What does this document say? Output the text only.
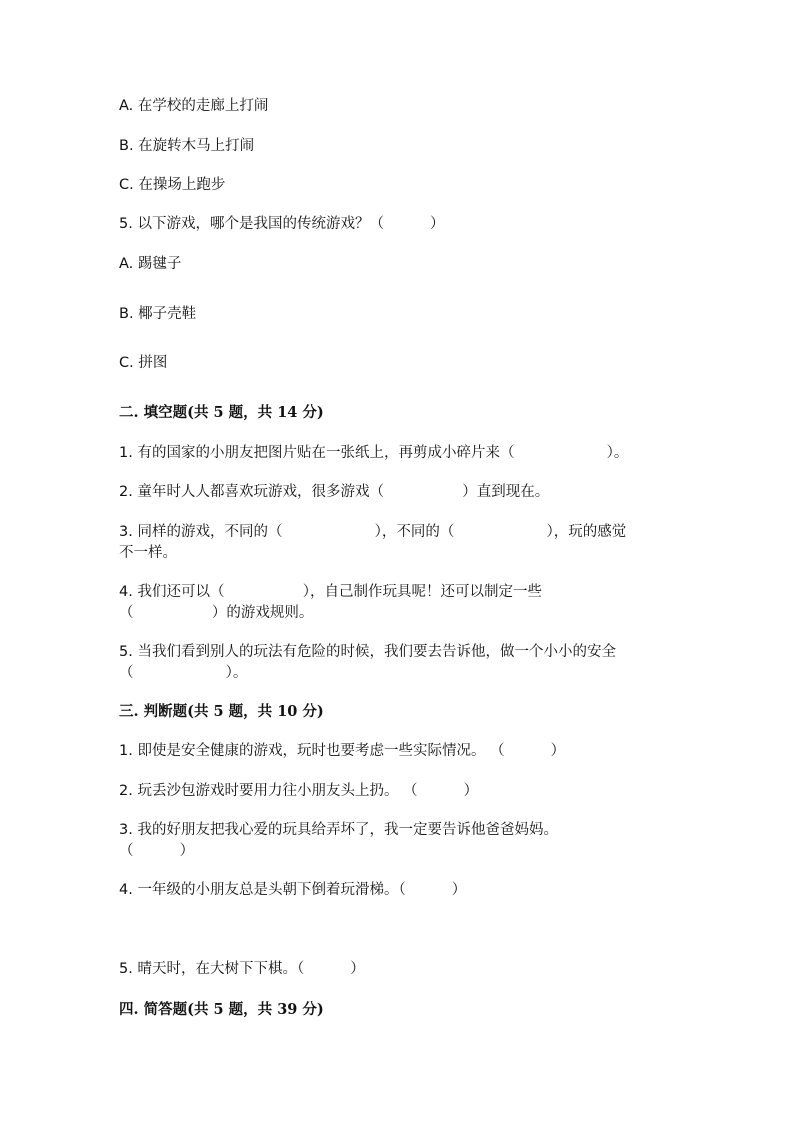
A. 在学校的走廊上打闹
B. 在旋转木马上打闹
C. 在操场上跑步
5. 以下游戏，哪个是我国的传统游戏？（          ）
A. 踢毽子
B. 椰子壳鞋
C. 拼图
二. 填空题(共 5 题，共 14 分)
1. 有的国家的小朋友把图片贴在一张纸上，再剪成小碎片来（                    ）。
2. 童年时人人都喜欢玩游戏，很多游戏（                 ）直到现在。
3. 同样的游戏，不同的（                    ），不同的（                    ），玩的感觉
不一样。
4. 我们还可以（                 ），自己制作玩具呢！还可以制定一些
（                 ）的游戏规则。
5. 当我们看到别人的玩法有危险的时候，我们要去告诉他，做一个小小的安全
（                    ）。
三. 判断题(共 5 题，共 10 分)
1. 即使是安全健康的游戏，玩时也要考虑一些实际情况。 （          ）
2. 玩丢沙包游戏时要用力往小朋友头上扔。 （          ）
3. 我的好朋友把我心爱的玩具给弄坏了，我一定要告诉他爸爸妈妈。
（          ）
4. 一年级的小朋友总是头朝下倒着玩滑梯。（          ）
5. 晴天时，在大树下下棋。（          ）
四. 简答题(共 5 题，共 39 分)
